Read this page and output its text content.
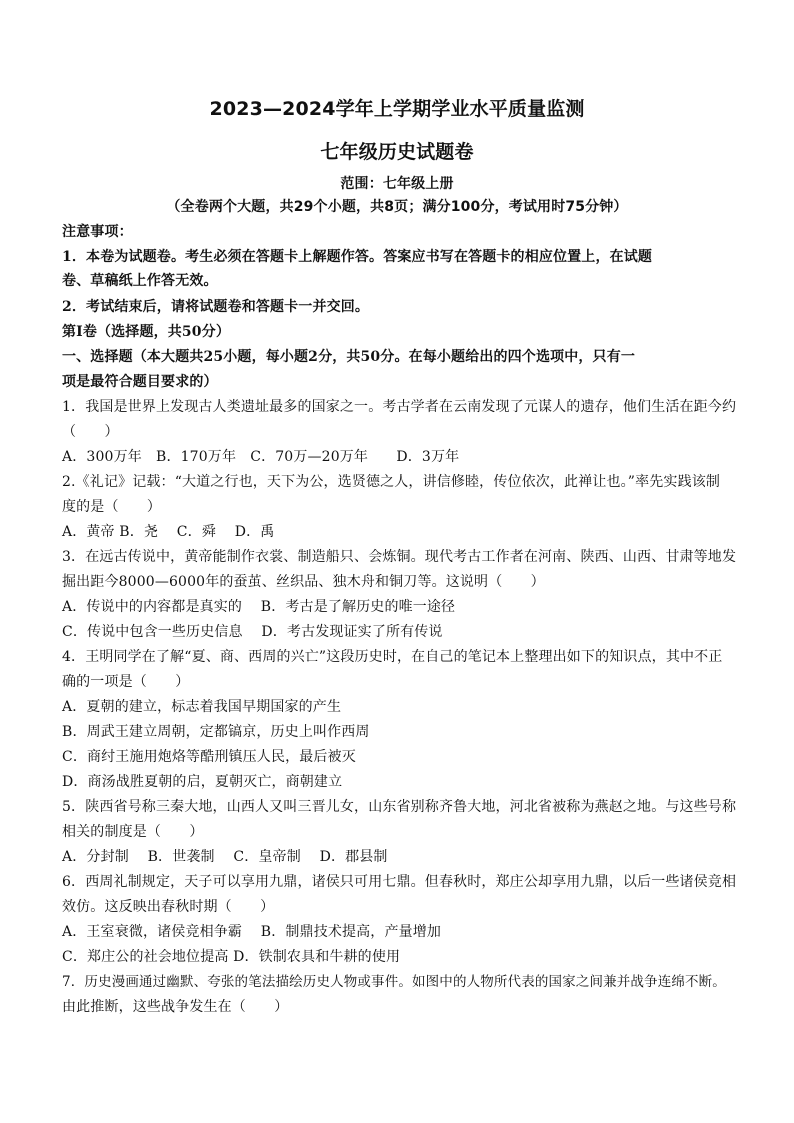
2023—2024学年上学期学业水平质量监测
七年级历史试题卷
范围：七年级上册
（全卷两个大题，共29个小题，共8页；满分100分，考试用时75分钟）
注意事项：
1．本卷为试题卷。考生必须在答题卡上解题作答。答案应书写在答题卡的相应位置上，在试题
卷、草稿纸上作答无效。
2．考试结束后，请将试题卷和答题卡一并交回。
第Ⅰ卷（选择题，共50分）
一、选择题（本大题共25小题，每小题2分，共50分。在每小题给出的四个选项中，只有一
项是最符合题目要求的）
1．我国是世界上发现古人类遗址最多的国家之一。考古学者在云南发现了元谋人的遗存，他们生活在距今约
（　　）
A．300万年　B．170万年　C．70万—20万年　　D．3万年
2.《礼记》记载：“大道之行也，天下为公，选贤德之人，讲信修睦，传位依次，此禅让也。”率先实践该制
度的是（　　）
A．黄帝 B．尧　 C．舜　 D．禹
3．在远古传说中，黄帝能制作衣裳、制造船只、会炼铜。现代考古工作者在河南、陕西、山西、甘肃等地发
掘出距今8000—6000年的蚕茧、丝织品、独木舟和铜刀等。这说明（　　）
A．传说中的内容都是真实的　 B．考古是了解历史的唯一途径
C．传说中包含一些历史信息　 D．考古发现证实了所有传说
4．王明同学在了解“夏、商、西周的兴亡”这段历史时，在自己的笔记本上整理出如下的知识点，其中不正
确的一项是（　　）
A．夏朝的建立，标志着我国早期国家的产生
B．周武王建立周朝，定都镐京，历史上叫作西周
C．商纣王施用炮烙等酷刑镇压人民，最后被灭
D．商汤战胜夏朝的启，夏朝灭亡，商朝建立
5．陕西省号称三秦大地，山西人又叫三晋儿女，山东省别称齐鲁大地，河北省被称为燕赵之地。与这些号称
相关的制度是（　　）
A．分封制　 B．世袭制　 C．皇帝制　 D．郡县制
6．西周礼制规定，天子可以享用九鼎，诸侯只可用七鼎。但春秋时，郑庄公却享用九鼎，以后一些诸侯竞相
效仿。这反映出春秋时期（　　）
A．王室衰微，诸侯竞相争霸　 B．制鼎技术提高，产量增加
C．郑庄公的社会地位提高 D．铁制农具和牛耕的使用
7．历史漫画通过幽默、夸张的笔法描绘历史人物或事件。如图中的人物所代表的国家之间兼并战争连绵不断。
由此推断，这些战争发生在（　　）
